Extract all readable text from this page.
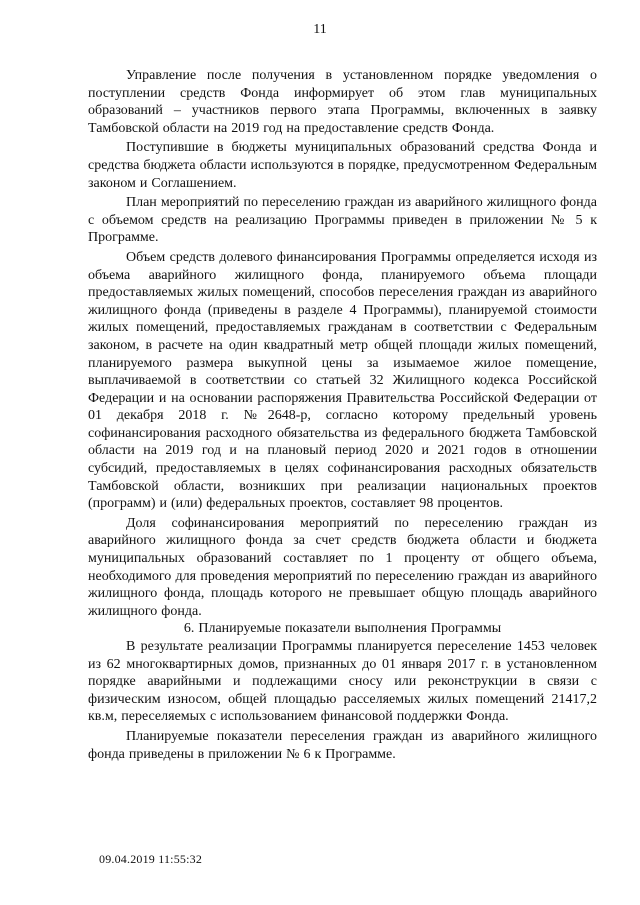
11

Управление после получения в установленном порядке уведомления о поступлении средств Фонда информирует об этом глав муниципальных образований – участников первого этапа Программы, включенных в заявку Тамбовской области на 2019 год на предоставление средств Фонда.

Поступившие в бюджеты муниципальных образований средства Фонда и средства бюджета области используются в порядке, предусмотренном Федеральным законом и Соглашением.

План мероприятий по переселению граждан из аварийного жилищного фонда с объемом средств на реализацию Программы приведен в приложении № 5 к Программе.

Объем средств долевого финансирования Программы определяется исходя из объема аварийного жилищного фонда, планируемого объема площади предоставляемых жилых помещений, способов переселения граждан из аварийного жилищного фонда (приведены в разделе 4 Программы), планируемой стоимости жилых помещений, предоставляемых гражданам в соответствии с Федеральным законом, в расчете на один квадратный метр общей площади жилых помещений, планируемого размера выкупной цены за изымаемое жилое помещение, выплачиваемой в соответствии со статьей 32 Жилищного кодекса Российской Федерации и на основании распоряжения Правительства Российской Федерации от 01 декабря 2018 г. №2648-р, согласно которому предельный уровень софинансирования расходного обязательства из федерального бюджета Тамбовской области на 2019 год и на плановый период 2020 и 2021 годов в отношении субсидий, предоставляемых в целях софинансирования расходных обязательств Тамбовской области, возникших при реализации национальных проектов (программ) и (или) федеральных проектов, составляет 98 процентов.

Доля софинансирования мероприятий по переселению граждан из аварийного жилищного фонда за счет средств бюджета области и бюджета муниципальных образований составляет по 1 проценту от общего объема, необходимого для проведения мероприятий по переселению граждан из аварийного жилищного фонда, площадь которого не превышает общую площадь аварийного жилищного фонда.

6. Планируемые показатели выполнения Программы

В результате реализации Программы планируется переселение 1453 человек из 62 многоквартирных домов, признанных до 01 января 2017 г. в установленном порядке аварийными и подлежащими сносу или реконструкции в связи с физическим износом, общей площадью расселяемых жилых помещений 21417,2 кв.м, переселяемых с использованием финансовой поддержки Фонда.

Планируемые показатели переселения граждан из аварийного жилищного фонда приведены в приложении № 6 к Программе.

09.04.2019 11:55:32
